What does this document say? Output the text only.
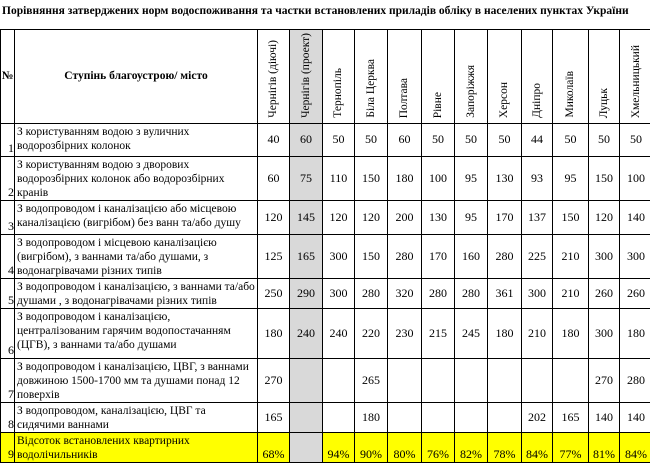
Порівняння затверджених норм водоспоживання та частки встановлених приладів обліку в населених пунктах України
№	Ступінь благоустрою/ місто	Чернігів (діючі)	Чернігів (проект)	Тернопіль	Біла Церква	Полтава	Рівне	Запоріжжя	Херсон	Дніпро	Миколаїв	Луцьк	Хмельницький
1	З користуванням водою з вуличних водорозбірних колонок	40	60	50	50	60	50	50	50	44	50	50	50
2	З користуванням водою з дворових водорозбірних колонок або водорозбірних кранів	60	75	110	150	180	100	95	130	93	95	150	100
3	З водопроводом і каналізацією або місцевою каналізацією (вигрібом) без ванн та/або душу	120	145	120	120	200	130	95	170	137	150	120	140
4	З водопроводом і місцевою каналізацією (вигрібом), з ваннами та/або душами, з водонагрівачами різних типів	125	165	300	150	280	170	160	280	225	210	300	300
5	З водопроводом і каналізацією, з ваннами та/або душами , з водонагрівачами різних типів	250	290	300	280	320	280	280	361	300	210	260	260
6	З водопроводом і каналізацією, централізованим гарячим водопостачанням (ЦГВ), з ваннами та/або душами	180	240	240	220	230	215	245	180	210	180	300	180
7	З водопроводом і каналізацією, ЦВГ, з ваннами довжиною 1500-1700 мм та душами понад 12 поверхів	270			265							270	280
8	З водопроводом, каналізацією, ЦВГ та сидячими ваннами	165			180					202	165	140	140
9	Відсоток встановлених квартирних водолічильників	68%		94%	90%	80%	76%	82%	78%	84%	77%	81%	84%
